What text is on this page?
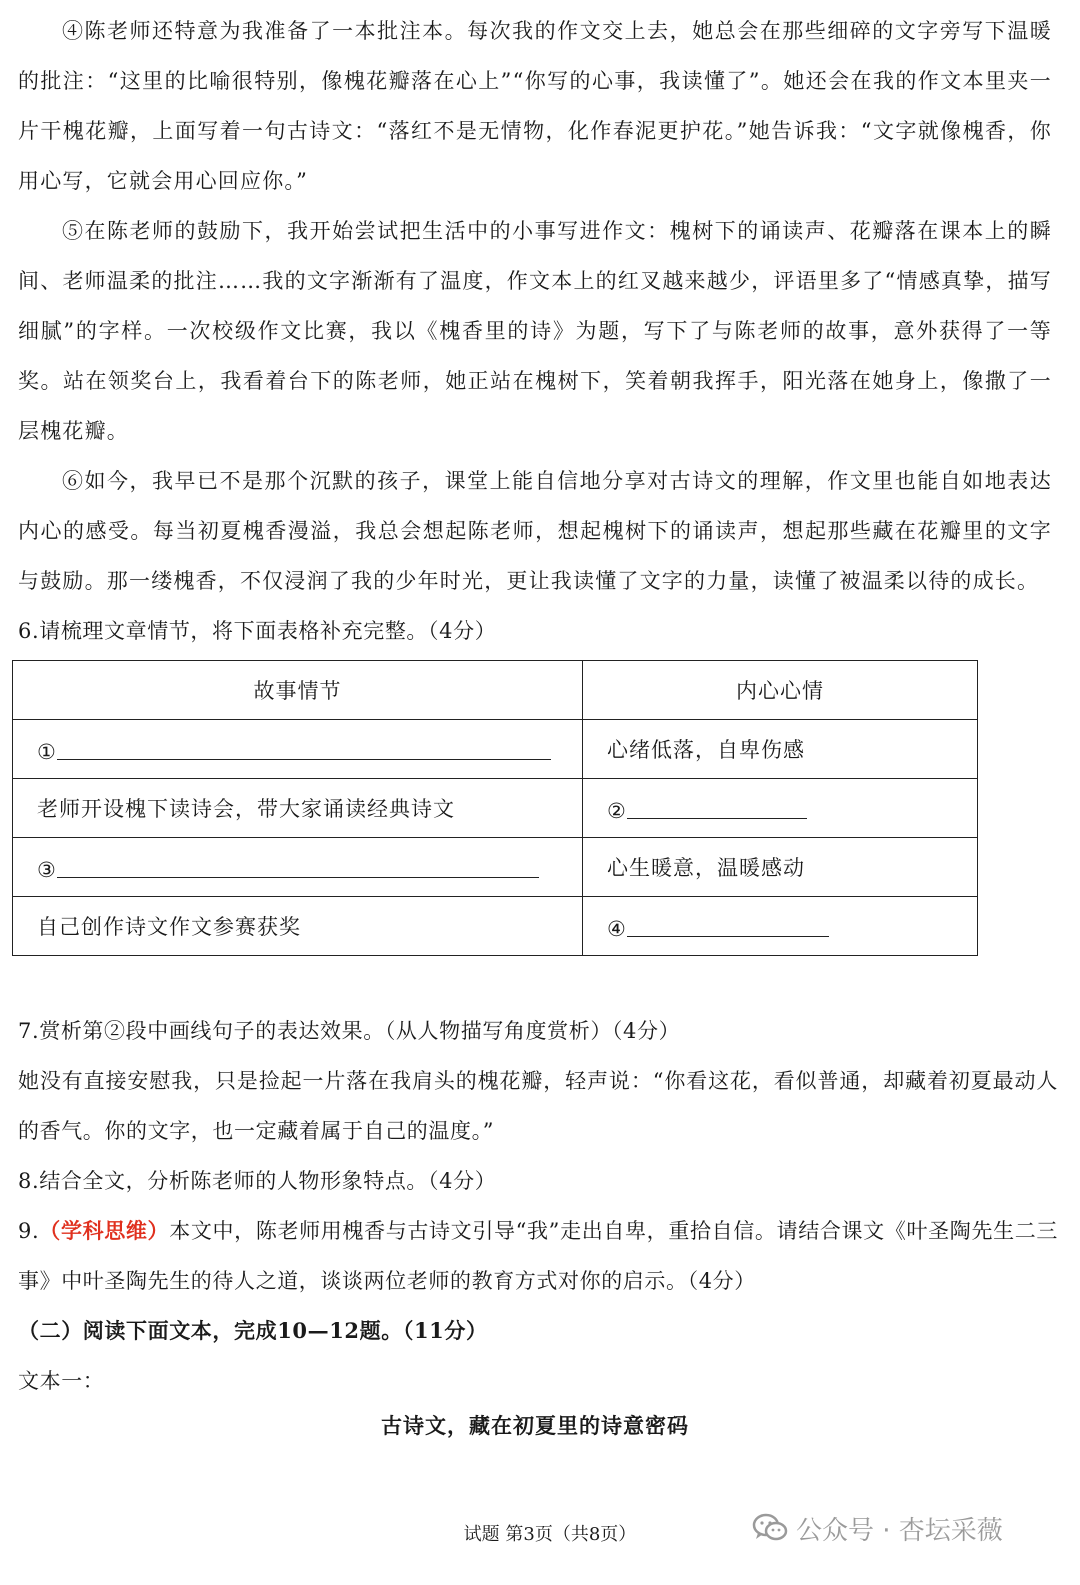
④陈老师还特意为我准备了一本批注本。每次我的作文交上去，她总会在那些细碎的文字旁写下温暖的批注：“这里的比喻很特别，像槐花瓣落在心上”“你写的心事，我读懂了”。她还会在我的作文本里夹一片干槐花瓣，上面写着一句古诗文：“落红不是无情物，化作春泥更护花。”她告诉我：“文字就像槐香，你用心写，它就会用心回应你。”

⑤在陈老师的鼓励下，我开始尝试把生活中的小事写进作文：槐树下的诵读声、花瓣落在课本上的瞬间、老师温柔的批注……我的文字渐渐有了温度，作文本上的红叉越来越少，评语里多了“情感真挚，描写细腻”的字样。一次校级作文比赛，我以《槐香里的诗》为题，写下了与陈老师的故事，意外获得了一等奖。站在领奖台上，我看着台下的陈老师，她正站在槐树下，笑着朝我挥手，阳光落在她身上，像撒了一层槐花瓣。

⑥如今，我早已不是那个沉默的孩子，课堂上能自信地分享对古诗文的理解，作文里也能自如地表达内心的感受。每当初夏槐香漫溢，我总会想起陈老师，想起槐树下的诵读声，想起那些藏在花瓣里的文字与鼓励。那一缕槐香，不仅浸润了我的少年时光，更让我读懂了文字的力量，读懂了被温柔以待的成长。

6.请梳理文章情节，将下面表格补充完整。（4分）

故事情节	内心心情
①	心绪低落，自卑伤感
老师开设槐下读诗会，带大家诵读经典诗文	②
③	心生暖意，温暖感动
自己创作诗文作文参赛获奖	④

7.赏析第②段中画线句子的表达效果。（从人物描写角度赏析）（4分）

她没有直接安慰我，只是捡起一片落在我肩头的槐花瓣，轻声说：“你看这花，看似普通，却藏着初夏最动人的香气。你的文字，也一定藏着属于自己的温度。”

8.结合全文，分析陈老师的人物形象特点。（4分）

9.（学科思维）本文中，陈老师用槐香与古诗文引导“我”走出自卑，重拾自信。请结合课文《叶圣陶先生二三事》中叶圣陶先生的待人之道，谈谈两位老师的教育方式对你的启示。（4分）

（二）阅读下面文本，完成10—12题。（11分）

文本一：

古诗文，藏在初夏里的诗意密码
试题 第3页（共8页）	公众号 · 杏坛采薇
